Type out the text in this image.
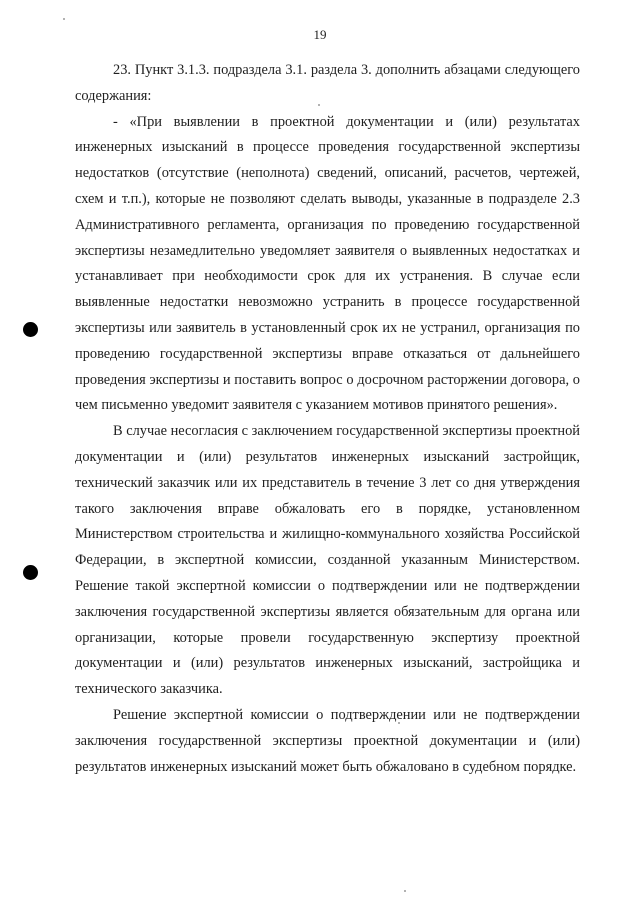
19

23. Пункт 3.1.3. подраздела 3.1. раздела 3. дополнить абзацами следующего содержания:

- «При выявлении в проектной документации и (или) результатах инженерных изысканий в процессе проведения государственной экспертизы недостатков (отсутствие (неполнота) сведений, описаний, расчетов, чертежей, схем и т.п.), которые не позволяют сделать выводы, указанные в подразделе 2.3 Административного регламента, организация по проведению государственной экспертизы незамедлительно уведомляет заявителя о выявленных недостатках и устанавливает при необходимости срок для их устранения. В случае если выявленные недостатки невозможно устранить в процессе государственной экспертизы или заявитель в установленный срок их не устранил, организация по проведению государственной экспертизы вправе отказаться от дальнейшего проведения экспертизы и поставить вопрос о досрочном расторжении договора, о чем письменно уведомит заявителя с указанием мотивов принятого решения».

В случае несогласия с заключением государственной экспертизы проектной документации и (или) результатов инженерных изысканий застройщик, технический заказчик или их представитель в течение 3 лет со дня утверждения такого заключения вправе обжаловать его в порядке, установленном Министерством строительства и жилищно-коммунального хозяйства Российской Федерации, в экспертной комиссии, созданной указанным Министерством. Решение такой экспертной комиссии о подтверждении или не подтверждении заключения государственной экспертизы является обязательным для органа или организации, которые провели государственную экспертизу проектной документации и (или) результатов инженерных изысканий, застройщика и технического заказчика.

Решение экспертной комиссии о подтверждении или не подтверждении заключения государственной экспертизы проектной документации и (или) результатов инженерных изысканий может быть обжаловано в судебном порядке.
